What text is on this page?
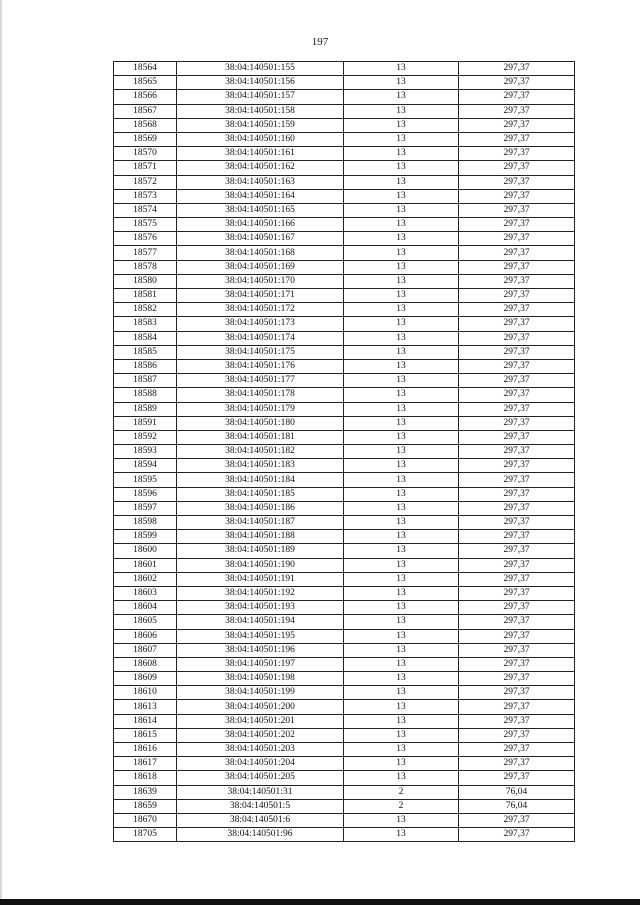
197
18564	38:04:140501:155	13	297,37
18565	38:04:140501:156	13	297,37
18566	38:04:140501:157	13	297,37
18567	38:04:140501:158	13	297,37
18568	38:04:140501:159	13	297,37
18569	38:04:140501:160	13	297,37
18570	38:04:140501:161	13	297,37
18571	38:04:140501:162	13	297,37
18572	38:04:140501:163	13	297,37
18573	38:04:140501:164	13	297,37
18574	38:04:140501:165	13	297,37
18575	38:04:140501:166	13	297,37
18576	38:04:140501:167	13	297,37
18577	38:04:140501:168	13	297,37
18578	38:04:140501:169	13	297,37
18580	38:04:140501:170	13	297,37
18581	38:04:140501:171	13	297,37
18582	38:04:140501:172	13	297,37
18583	38:04:140501:173	13	297,37
18584	38:04:140501:174	13	297,37
18585	38:04:140501:175	13	297,37
18586	38:04:140501:176	13	297,37
18587	38:04:140501:177	13	297,37
18588	38:04:140501:178	13	297,37
18589	38:04:140501:179	13	297,37
18591	38:04:140501:180	13	297,37
18592	38:04:140501:181	13	297,37
18593	38:04:140501:182	13	297,37
18594	38:04:140501:183	13	297,37
18595	38:04:140501:184	13	297,37
18596	38:04:140501:185	13	297,37
18597	38:04:140501:186	13	297,37
18598	38:04:140501:187	13	297,37
18599	38:04:140501:188	13	297,37
18600	38:04:140501:189	13	297,37
18601	38:04:140501:190	13	297,37
18602	38:04:140501:191	13	297,37
18603	38:04:140501:192	13	297,37
18604	38:04:140501:193	13	297,37
18605	38:04:140501:194	13	297,37
18606	38:04:140501:195	13	297,37
18607	38:04:140501:196	13	297,37
18608	38:04:140501:197	13	297,37
18609	38:04:140501:198	13	297,37
18610	38:04:140501:199	13	297,37
18613	38:04:140501:200	13	297,37
18614	38:04:140501:201	13	297,37
18615	38:04:140501:202	13	297,37
18616	38:04:140501:203	13	297,37
18617	38:04:140501:204	13	297,37
18618	38:04:140501:205	13	297,37
18639	38:04:140501:31	2	76,04
18659	38:04:140501:5	2	76,04
18670	38:04:140501:6	13	297,37
18705	38:04:140501:96	13	297,37
